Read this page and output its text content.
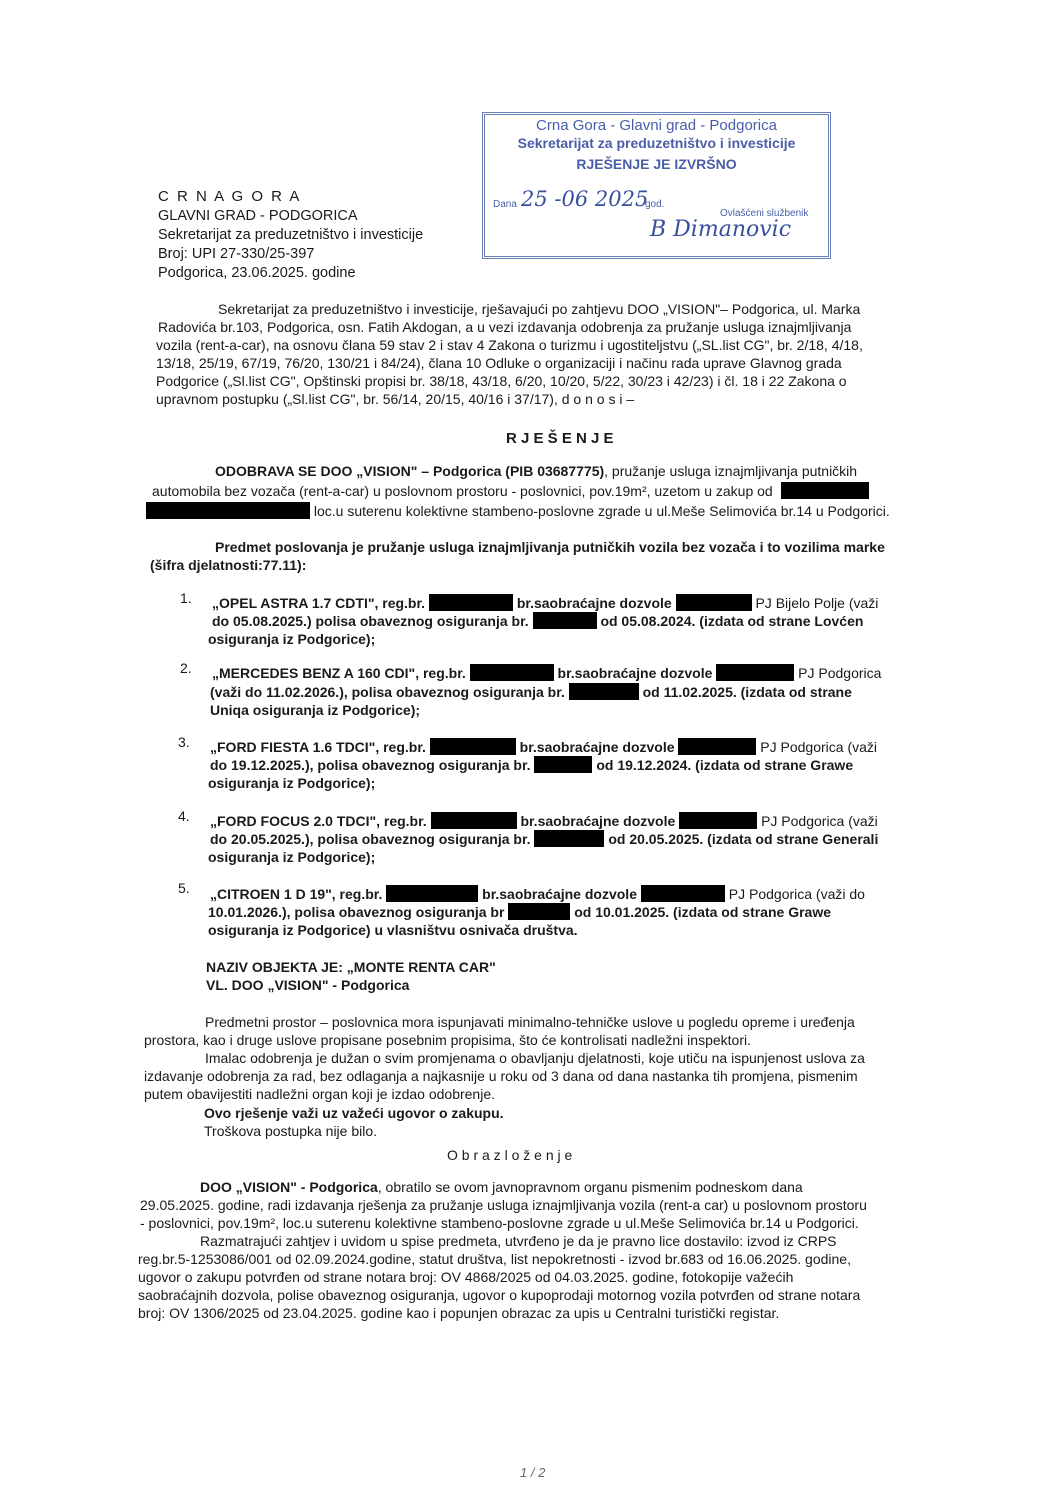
Crna Gora - Glavni grad - Podgorica
Sekretarijat za preduzetništvo i investicije
RJEŠENJE JE IZVRŠNO
Dana 25 -06 2025
god.
Ovlašćeni službenik
B Dimanovic
C R N A G O R A
GLAVNI GRAD - PODGORICA
Sekretarijat za preduzetništvo i investicije
Broj: UPI 27-330/25-397
Podgorica, 23.06.2025. godine
Sekretarijat za preduzetništvo i investicije, rješavajući po zahtjevu DOO „VISION"– Podgorica, ul. Marka
Radovića br.103, Podgorica, osn. Fatih Akdogan, a u vezi izdavanja odobrenja za pružanje usluga iznajmljivanja
vozila (rent-a-car), na osnovu člana 59 stav 2 i stav 4 Zakona o turizmu i ugostiteljstvu („SL.list CG", br. 2/18, 4/18,
13/18, 25/19, 67/19, 76/20, 130/21 i 84/24), člana 10 Odluke o organizaciji i načinu rada uprave Glavnog grada
Podgorice („Sl.list CG", Opštinski propisi br. 38/18, 43/18, 6/20, 10/20, 5/22, 30/23 i 42/23) i čl. 18 i 22 Zakona o
upravnom postupku („Sl.list CG", br. 56/14, 20/15, 40/16 i 37/17), d o n o s i –
R J E Š E N J E
ODOBRAVA SE DOO „VISION" – Podgorica (PIB 03687775), pružanje usluga iznajmljivanja putničkih
automobila bez vozača (rent-a-car) u poslovnom prostoru - poslovnici, pov.19m², uzetom u zakup od
loc.u suterenu kolektivne stambeno-poslovne zgrade u ul.Meše Selimovića br.14 u Podgorici.
Predmet poslovanja je pružanje usluga iznajmljivanja putničkih vozila bez vozača i to vozilima marke
(šifra djelatnosti:77.11):
1. „OPEL ASTRA 1.7 CDTI", reg.br.	br.saobraćajne dozvole	PJ Bijelo Polje (važi
do 05.08.2025.) polisa obaveznog osiguranja br.	od 05.08.2024. (izdata od strane Lovćen
osiguranja iz Podgorice);
2. „MERCEDES BENZ A 160 CDI", reg.br.	br.saobraćajne dozvole	PJ Podgorica
(važi do 11.02.2026.), polisa obaveznog osiguranja br.	od 11.02.2025. (izdata od strane
Uniqa osiguranja iz Podgorice);
3. „FORD FIESTA 1.6 TDCI", reg.br.	br.saobraćajne dozvole	PJ Podgorica (važi
do 19.12.2025.), polisa obaveznog osiguranja br.	od 19.12.2024. (izdata od strane Grawe
osiguranja iz Podgorice);
4. „FORD FOCUS 2.0 TDCI", reg.br.	br.saobraćajne dozvole	PJ Podgorica (važi
do 20.05.2025.), polisa obaveznog osiguranja br.	od 20.05.2025. (izdata od strane Generali
osiguranja iz Podgorice);
5. „CITROEN 1 D 19", reg.br.	br.saobraćajne dozvole	PJ Podgorica (važi do
10.01.2026.), polisa obaveznog osiguranja br	od 10.01.2025. (izdata od strane Grawe
osiguranja iz Podgorice) u vlasništvu osnivača društva.
NAZIV OBJEKTA JE: „MONTE RENTA CAR"
VL. DOO „VISION" - Podgorica
Predmetni prostor – poslovnica mora ispunjavati minimalno-tehničke uslove u pogledu opreme i uređenja
prostora, kao i druge uslove propisane posebnim propisima, što će kontrolisati nadležni inspektori.
Imalac odobrenja je dužan o svim promjenama o obavljanju djelatnosti, koje utiču na ispunjenost uslova za
izdavanje odobrenja za rad, bez odlaganja a najkasnije u roku od 3 dana od dana nastanka tih promjena, pismenim
putem obavijestiti nadležni organ koji je izdao odobrenje.
Ovo rješenje važi uz važeći ugovor o zakupu.
Troškova postupka nije bilo.
O b r a z l o ž e n j e
DOO „VISION" - Podgorica, obratilo se ovom javnopravnom organu pismenim podneskom dana
29.05.2025. godine, radi izdavanja rješenja za pružanje usluga iznajmljivanja vozila (rent-a car) u poslovnom prostoru
- poslovnici, pov.19m², loc.u suterenu kolektivne stambeno-poslovne zgrade u ul.Meše Selimovića br.14 u Podgorici.
Razmatrajući zahtjev i uvidom u spise predmeta, utvrđeno je da je pravno lice dostavilo: izvod iz CRPS
reg.br.5-1253086/001 od 02.09.2024.godine, statut društva, list nepokretnosti - izvod br.683 od 16.06.2025. godine,
ugovor o zakupu potvrđen od strane notara broj: OV 4868/2025 od 04.03.2025. godine, fotokopije važećih
saobraćajnih dozvola, polise obaveznog osiguranja, ugovor o kupoprodaji motornog vozila potvrđen od strane notara
broj: OV 1306/2025 od 23.04.2025. godine kao i popunjen obrazac za upis u Centralni turistički registar.
1 / 2
